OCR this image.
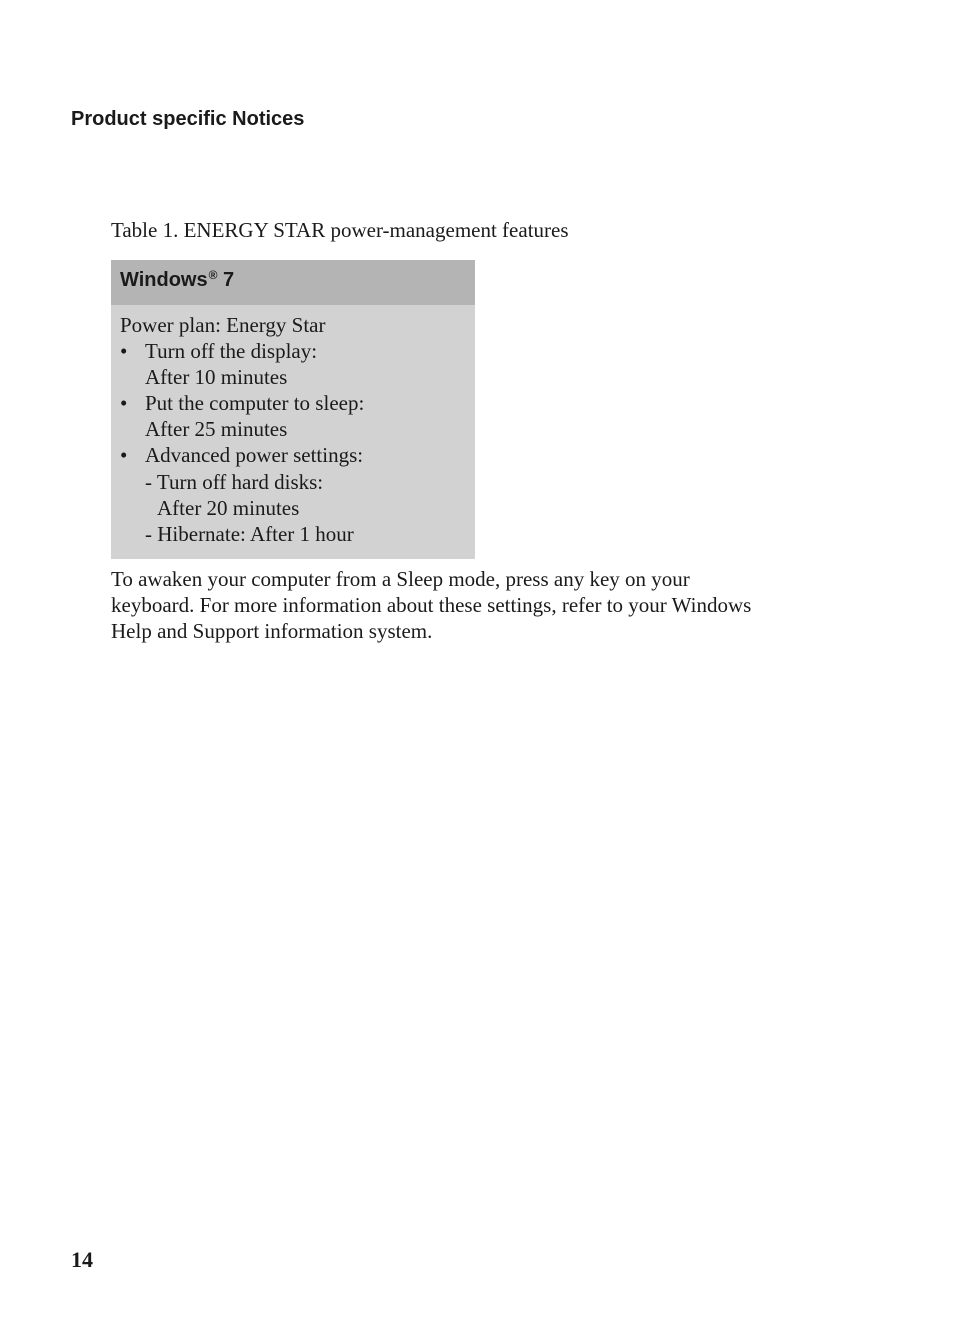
Product specific Notices

Table 1. ENERGY STAR power-management features

Windows® 7
Power plan: Energy Star
• Turn off the display:
After 10 minutes
• Put the computer to sleep:
After 25 minutes
• Advanced power settings:
- Turn off hard disks:
After 20 minutes
- Hibernate: After 1 hour

To awaken your computer from a Sleep mode, press any key on your
keyboard. For more information about these settings, refer to your Windows
Help and Support information system.

14
